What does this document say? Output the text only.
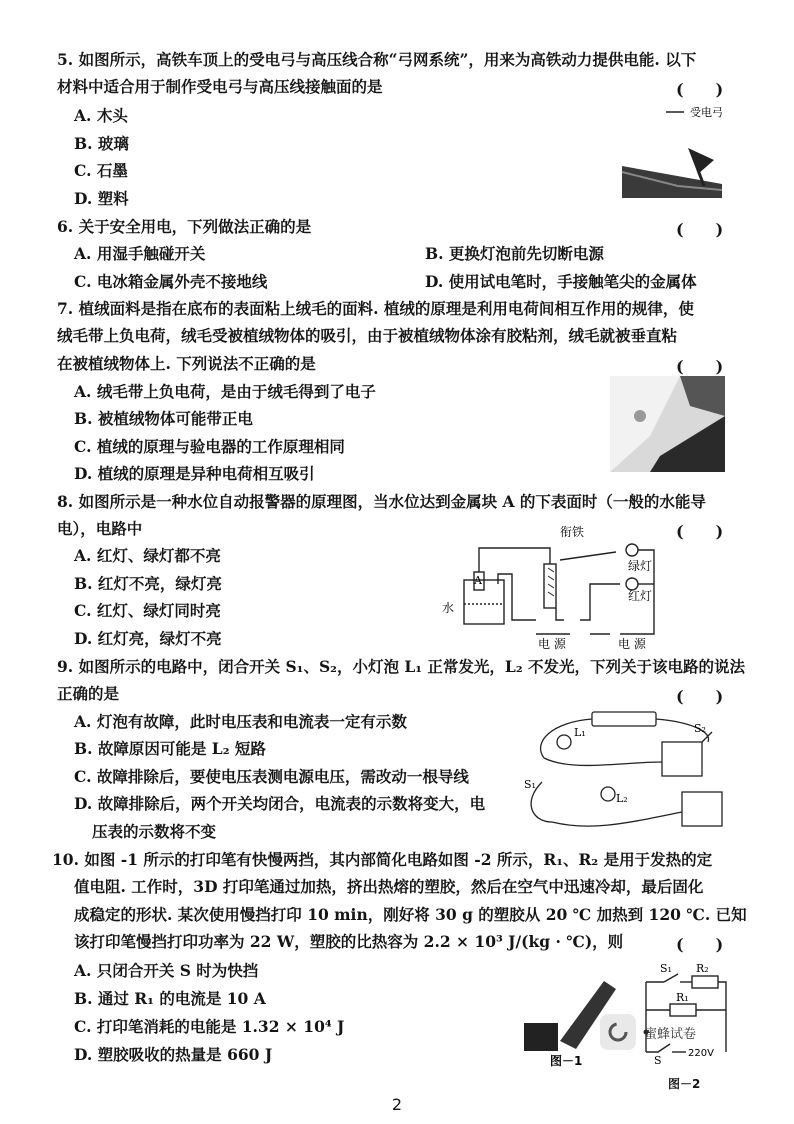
5. 如图所示，高铁车顶上的受电弓与高压线合称“弓网系统”，用来为高铁动力提供电能. 以下
材料中适合用于制作受电弓与高压线接触面的是	(　　)
A. 木头
B. 玻璃
C. 石墨
D. 塑料
受电弓
6. 关于安全用电，下列做法正确的是	(　　)
A. 用湿手触碰开关	B. 更换灯泡前先切断电源
C. 电冰箱金属外壳不接地线	D. 使用试电笔时，手接触笔尖的金属体
7. 植绒面料是指在底布的表面粘上绒毛的面料. 植绒的原理是利用电荷间相互作用的规律，使
绒毛带上负电荷，绒毛受被植绒物体的吸引，由于被植绒物体涂有胶粘剂，绒毛就被垂直粘
在被植绒物体上. 下列说法不正确的是	(　　)
A. 绒毛带上负电荷，是由于绒毛得到了电子
B. 被植绒物体可能带正电
C. 植绒的原理与验电器的工作原理相同
D. 植绒的原理是异种电荷相互吸引
8. 如图所示是一种水位自动报警器的原理图，当水位达到金属块 A 的下表面时（一般的水能导
电），电路中	(　　)
A. 红灯、绿灯都不亮
B. 红灯不亮，绿灯亮
C. 红灯、绿灯同时亮
D. 红灯亮，绿灯不亮
A
水
衔铁
绿灯
红灯
电 源	电 源
9. 如图所示的电路中，闭合开关 S₁、S₂，小灯泡 L₁ 正常发光，L₂ 不发光，下列关于该电路的说法
正确的是	(　　)
A. 灯泡有故障，此时电压表和电流表一定有示数
B. 故障原因可能是 L₂ 短路
C. 故障排除后，要使电压表测电源电压，需改动一根导线
D. 故障排除后，两个开关均闭合，电流表的示数将变大，电
压表的示数将不变
L₁
L₂
S₁
S₂
10. 如图 -1 所示的打印笔有快慢两挡，其内部简化电路如图 -2 所示，R₁、R₂ 是用于发热的定
值电阻. 工作时，3D 打印笔通过加热，挤出热熔的塑胶，然后在空气中迅速冷却，最后固化
成稳定的形状. 某次使用慢挡打印 10 min，刚好将 30 g 的塑胶从 20 ℃ 加热到 120 ℃. 已知
该打印笔慢挡打印功率为 22 W，塑胶的比热容为 2.2 × 10³ J/(kg · ℃)，则	(　　)
A. 只闭合开关 S 时为快挡
B. 通过 R₁ 的电流是 10 A
C. 打印笔消耗的电能是 1.32 × 10⁴ J
D. 塑胶吸收的热量是 660 J	图－1
S₁ R₂
R₁
S
220V
图－2
蜜蜂试卷
2
